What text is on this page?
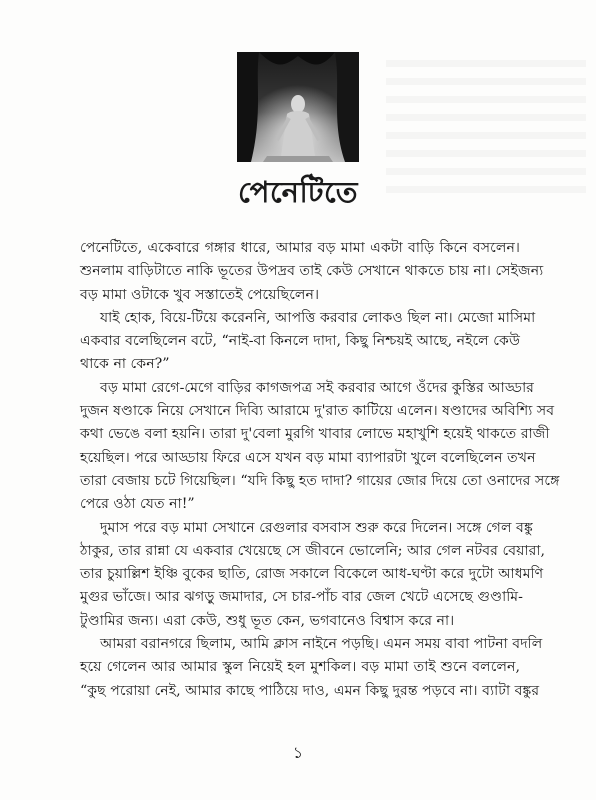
পেনেটিতে
পেনেটিতে, একেবারে গঙ্গার ধারে, আমার বড় মামা একটা বাড়ি কিনে বসলেন।
শুনলাম বাড়িটাতে নাকি ভূতের উপদ্রব তাই কেউ সেখানে থাকতে চায় না। সেইজন্য
বড় মামা ওটাকে খুব সস্তাতেই পেয়েছিলেন।
যাই হোক, বিয়ে-টিয়ে করেননি, আপত্তি করবার লোকও ছিল না। মেজো মাসিমা
একবার বলেছিলেন বটে, “নাই-বা কিনলে দাদা, কিছু নিশ্চয়ই আছে, নইলে কেউ
থাকে না কেন?”
বড় মামা রেগে-মেগে বাড়ির কাগজপত্র সই করবার আগে ওঁদের কুস্তির আড্ডার
দুজন ষণ্ডাকে নিয়ে সেখানে দিব্যি আরামে দু'রাত কাটিয়ে এলেন। ষণ্ডাদের অবিশ্যি সব
কথা ভেঙে বলা হয়নি। তারা দু'বেলা মুরগি খাবার লোভে মহাখুশি হয়েই থাকতে রাজী
হয়েছিল। পরে আড্ডায় ফিরে এসে যখন বড় মামা ব্যাপারটা খুলে বলেছিলেন তখন
তারা বেজায় চটে গিয়েছিল। “যদি কিছু হত দাদা? গায়ের জোর দিয়ে তো ওনাদের সঙ্গে
পেরে ওঠা যেত না!”
দুমাস পরে বড় মামা সেখানে রেগুলার বসবাস শুরু করে দিলেন। সঙ্গে গেল বঙ্কু
ঠাকুর, তার রান্না যে একবার খেয়েছে সে জীবনে ভোলেনি; আর গেল নটবর বেয়ারা,
তার চুয়াল্লিশ ইঞ্চি বুকের ছাতি, রোজ সকালে বিকেলে আধ-ঘণ্টা করে দুটো আধমণি
মুগুর ভাঁজে। আর ঝগড়ু জমাদার, সে চার-পাঁচ বার জেল খেটে এসেছে গুণ্ডামি-
টুণ্ডামির জন্য। এরা কেউ, শুধু ভূত কেন, ভগবানেও বিশ্বাস করে না।
আমরা বরানগরে ছিলাম, আমি ক্লাস নাইনে পড়ছি। এমন সময় বাবা পাটনা বদলি
হয়ে গেলেন আর আমার স্কুল নিয়েই হল মুশকিল। বড় মামা তাই শুনে বললেন,
“কুছ পরোয়া নেই, আমার কাছে পাঠিয়ে দাও, এমন কিছু দুরন্ত পড়বে না। ব্যাটা বঙ্কুর
১
